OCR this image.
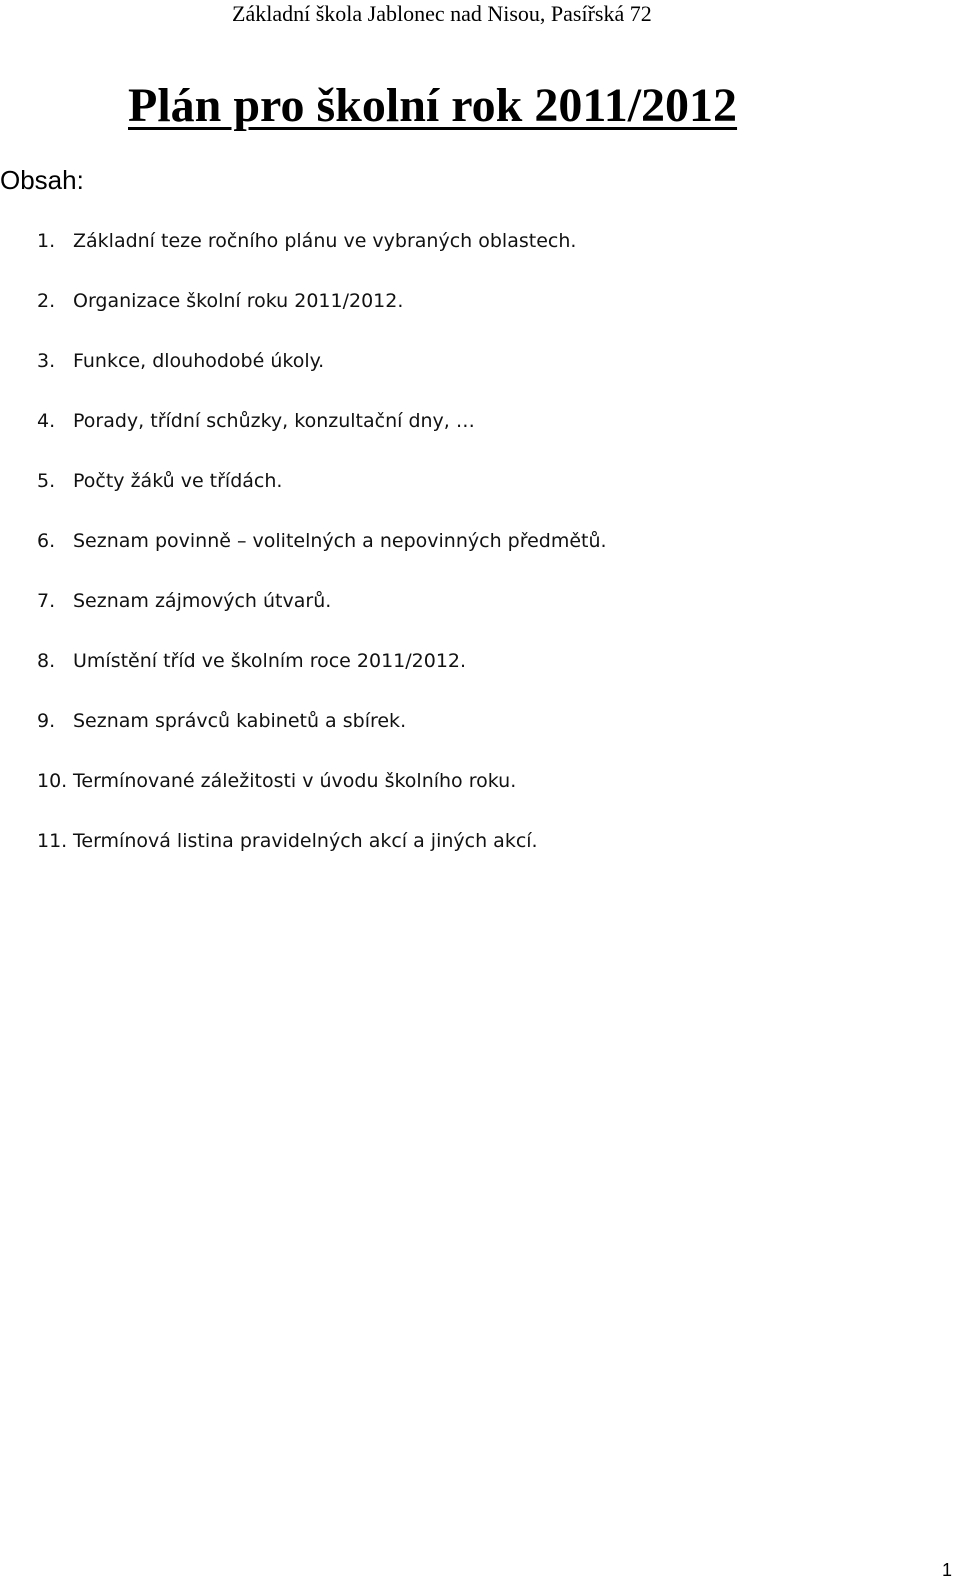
Základní škola Jablonec nad Nisou, Pasířská 72
Plán pro školní rok 2011/2012
Obsah:
1. Základní teze ročního plánu ve vybraných oblastech.
2. Organizace školní roku 2011/2012.
3. Funkce, dlouhodobé úkoly.
4. Porady, třídní schůzky, konzultační dny, …
5. Počty žáků ve třídách.
6. Seznam povinně – volitelných a nepovinných předmětů.
7. Seznam zájmových útvarů.
8. Umístění tříd ve školním roce 2011/2012.
9. Seznam správců kabinetů a sbírek.
10. Termínované záležitosti v úvodu školního roku.
11. Termínová listina pravidelných akcí a jiných akcí.
1
